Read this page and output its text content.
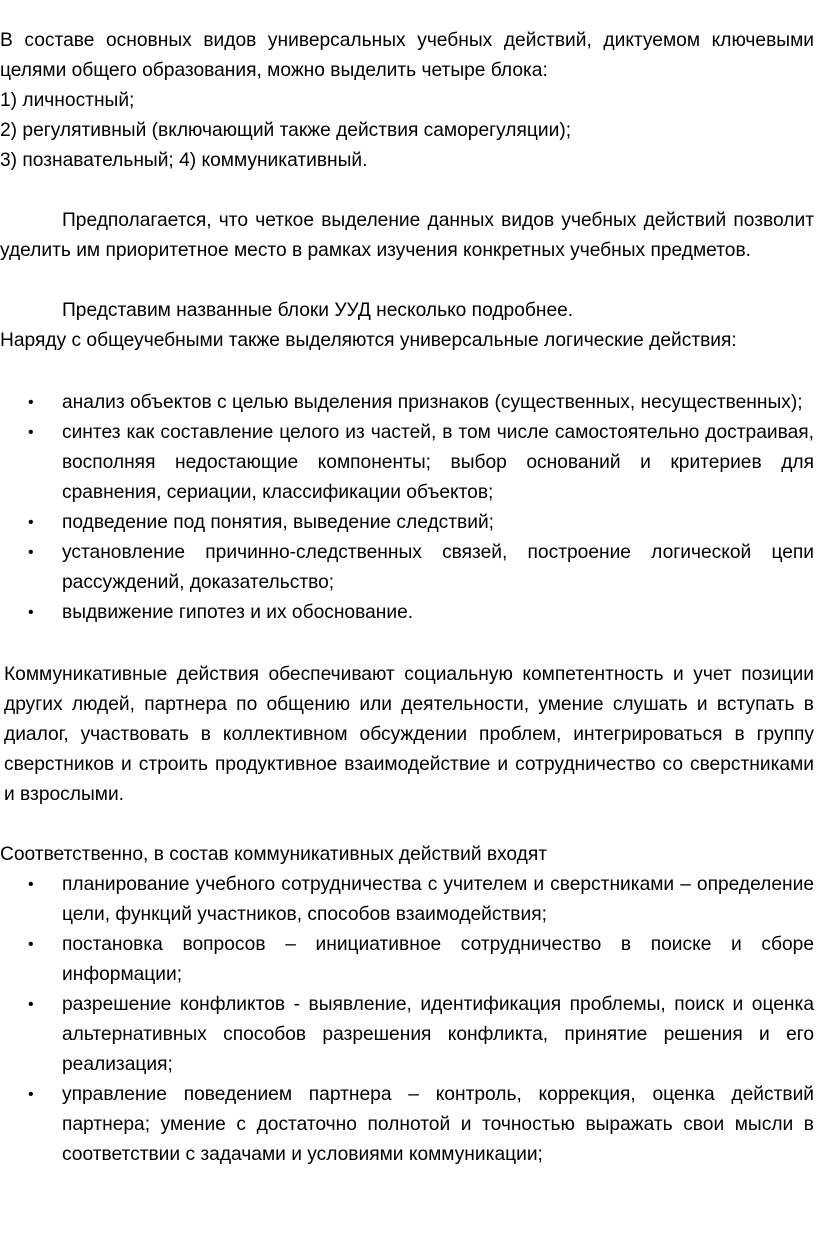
В составе основных видов универсальных учебных действий, диктуемом ключевыми целями общего образования, можно выделить четыре блока:

1) личностный;

2) регулятивный (включающий также действия саморегуляции);

3) познавательный; 4) коммуникативный.

Предполагается, что четкое выделение данных видов учебных действий позволит уделить им приоритетное место в рамках изучения конкретных учебных предметов.

Представим названные блоки УУД несколько подробнее.

Наряду с общеучебными также выделяются универсальные логические действия:

• анализ объектов с целью выделения признаков (существенных, несущественных);
• синтез как составление целого из частей, в том числе самостоятельно достраивая, восполняя недостающие компоненты; выбор оснований и критериев для сравнения, сериации, классификации объектов;
• подведение под понятия, выведение следствий;
• установление причинно-следственных связей, построение логической цепи рассуждений, доказательство;
• выдвижение гипотез и их обоснование.

Коммуникативные действия обеспечивают социальную компетентность и учет позиции других людей, партнера по общению или деятельности, умение слушать и вступать в диалог, участвовать в коллективном обсуждении проблем, интегрироваться в группу сверстников и строить продуктивное взаимодействие и сотрудничество со сверстниками и взрослыми.

Соответственно, в состав коммуникативных действий входят

• планирование учебного сотрудничества с учителем и сверстниками – определение цели, функций участников, способов взаимодействия;
• постановка вопросов – инициативное сотрудничество в поиске и сборе информации;
• разрешение конфликтов - выявление, идентификация проблемы, поиск и оценка альтернативных способов разрешения конфликта, принятие решения и его реализация;
• управление поведением партнера – контроль, коррекция, оценка действий партнера; умение с достаточно полнотой и точностью выражать свои мысли в соответствии с задачами и условиями коммуникации;
